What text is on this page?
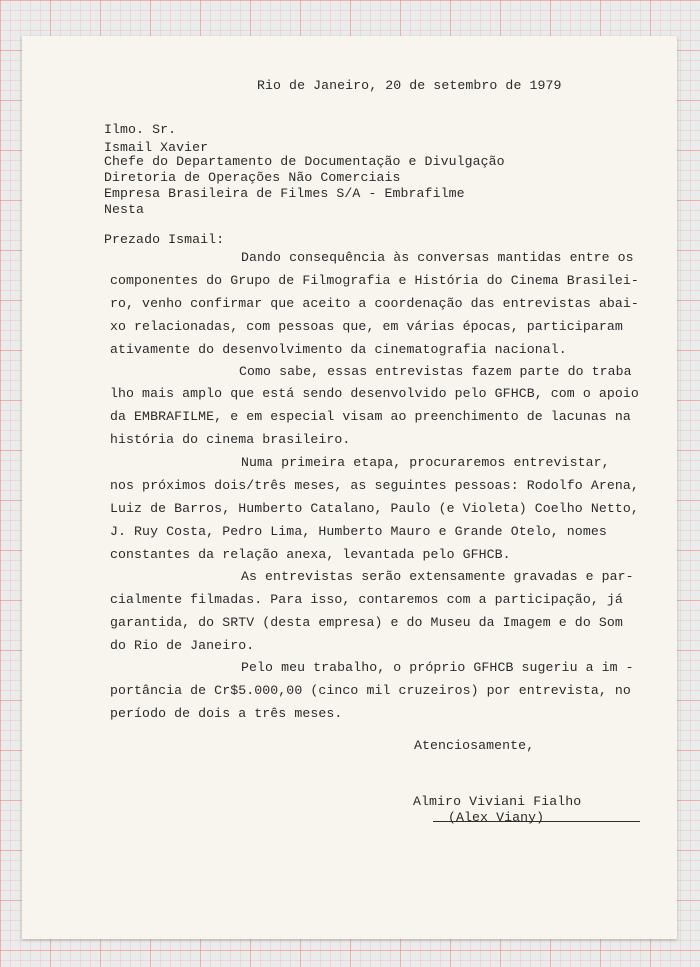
Rio de Janeiro, 20 de setembro de 1979
Ilmo. Sr.
Ismail Xavier
Chefe do Departamento de Documentação e Divulgação
Diretoria de Operações Não Comerciais
Empresa Brasileira de Filmes S/A - Embrafilme
Nesta
Prezado Ismail:
Dando consequência às conversas mantidas entre os
componentes do Grupo de Filmografia e História do Cinema Brasilei-
ro, venho confirmar que aceito a coordenação das entrevistas abai-
xo relacionadas, com pessoas que, em várias épocas, participaram
ativamente do desenvolvimento da cinematografia nacional.
Como sabe, essas entrevistas fazem parte do traba
lho mais amplo que está sendo desenvolvido pelo GFHCB, com o apoio
da EMBRAFILME, e em especial visam ao preenchimento de lacunas na
história do cinema brasileiro.
Numa primeira etapa, procuraremos entrevistar,
nos próximos dois/três meses, as seguintes pessoas: Rodolfo Arena,
Luiz de Barros, Humberto Catalano, Paulo (e Violeta) Coelho Netto,
J. Ruy Costa, Pedro Lima, Humberto Mauro e Grande Otelo, nomes
constantes da relação anexa, levantada pelo GFHCB.
As entrevistas serão extensamente gravadas e par-
cialmente filmadas. Para isso, contaremos com a participação, já
garantida, do SRTV (desta empresa) e do Museu da Imagem e do Som
do Rio de Janeiro.
Pelo meu trabalho, o próprio GFHCB sugeriu a im -
portância de Cr$5.000,00 (cinco mil cruzeiros) por entrevista, no
período de dois a três meses.
Atenciosamente,
Almiro Viviani Fialho
(Alex Viany)
